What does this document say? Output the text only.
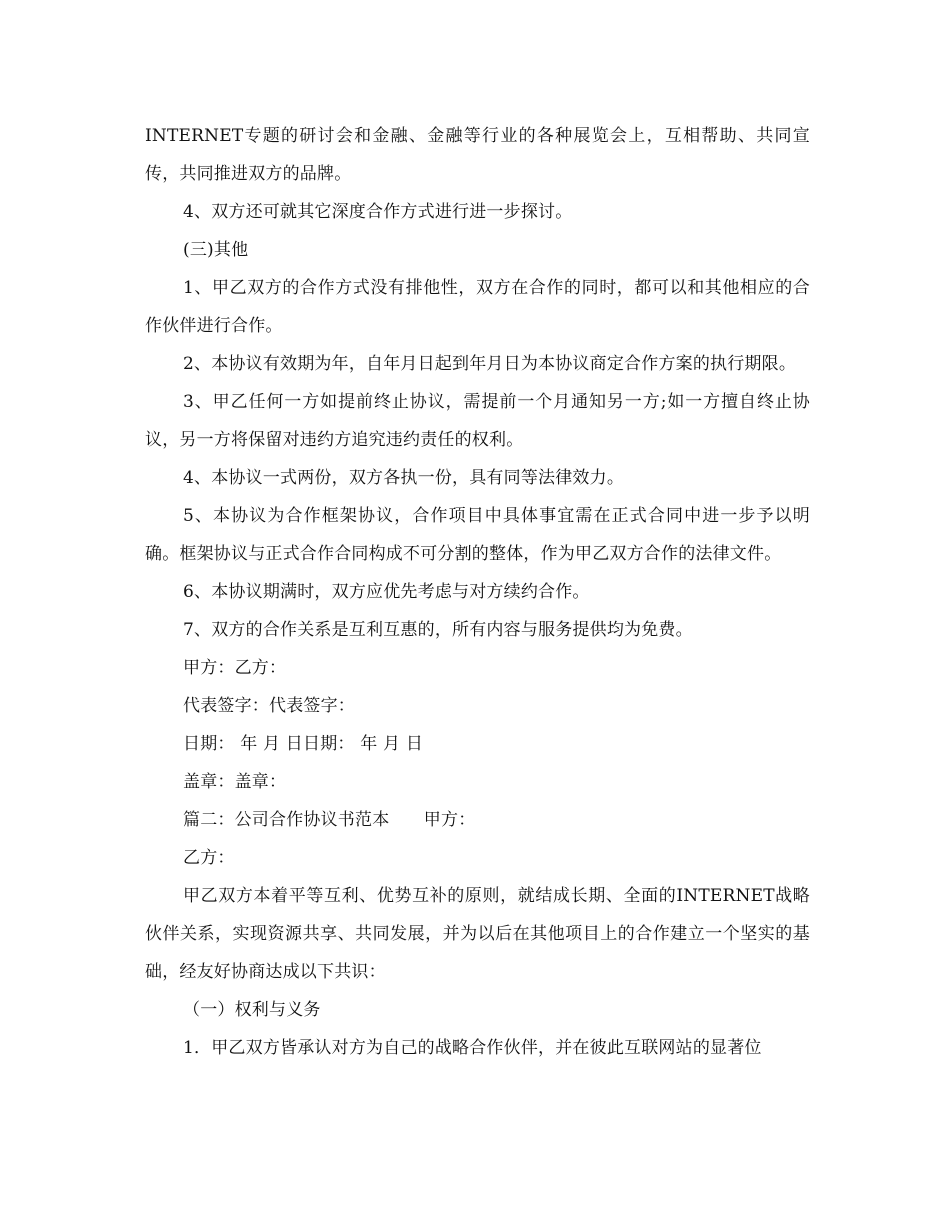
INTERNET专题的研讨会和金融、金融等行业的各种展览会上，互相帮助、共同宣传，共同推进双方的品牌。

4、双方还可就其它深度合作方式进行进一步探讨。

(三)其他

1、甲乙双方的合作方式没有排他性，双方在合作的同时，都可以和其他相应的合作伙伴进行合作。

2、本协议有效期为年，自年月日起到年月日为本协议商定合作方案的执行期限。

3、甲乙任何一方如提前终止协议，需提前一个月通知另一方;如一方擅自终止协议，另一方将保留对违约方追究违约责任的权利。

4、本协议一式两份，双方各执一份，具有同等法律效力。

5、本协议为合作框架协议，合作项目中具体事宜需在正式合同中进一步予以明确。框架协议与正式合作合同构成不可分割的整体，作为甲乙双方合作的法律文件。

6、本协议期满时，双方应优先考虑与对方续约合作。

7、双方的合作关系是互利互惠的，所有内容与服务提供均为免费。

甲方：乙方：

代表签字：代表签字：

日期： 年 月 日日期： 年 月 日

盖章：盖章：

篇二：公司合作协议书范本　　甲方：

乙方：

甲乙双方本着平等互利、优势互补的原则，就结成长期、全面的INTERNET战略伙伴关系，实现资源共享、共同发展，并为以后在其他项目上的合作建立一个坚实的基础，经友好协商达成以下共识：

（一）权利与义务

1．甲乙双方皆承认对方为自己的战略合作伙伴，并在彼此互联网站的显著位
